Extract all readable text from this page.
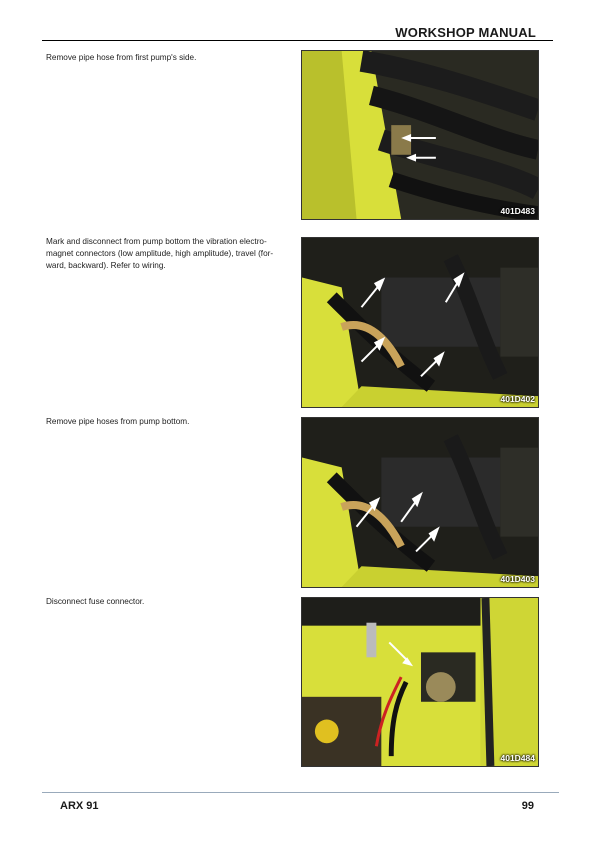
WORKSHOP MANUAL
Remove pipe hose from first pump's side.
401D483
Mark and disconnect from pump bottom the vibration electro- magnet connectors (low amplitude, high amplitude), travel (for- ward, backward). Refer to wiring.
401D402
Remove pipe hoses from pump bottom.
401D403
Disconnect fuse connector.
401D484
ARX 91	99
